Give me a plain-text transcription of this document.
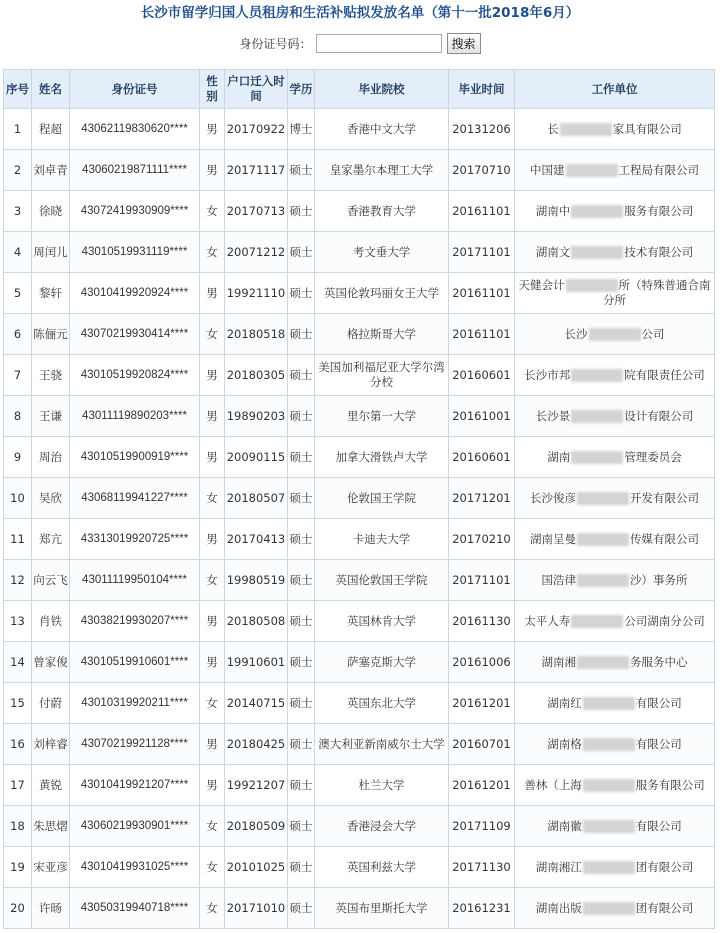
长沙市留学归国人员租房和生活补贴拟发放名单（第十一批2018年6月）
身份证号码：	搜索
序号	姓名	身份证号	性别	户口迁入时间	学历	毕业院校	毕业时间	工作单位
1	程超	43062119830620****	男	20170922	博士	香港中文大学	20131206	长 家具有限公司
2	刘卓青	43060219871111****	男	20171117	硕士	皇家墨尔本理工大学	20170710	中国建 工程局有限公司
3	徐晓	43072419930909****	女	20170713	硕士	香港教育大学	20161101	湖南中 服务有限公司
4	周闰儿	43010519931119****	女	20071212	硕士	考文垂大学	20171101	湖南文 技术有限公司
5	黎轩	43010419920924****	男	19921110	硕士	英国伦敦玛丽女王大学	20161101	天健会计 所（特殊普通合南分所
6	陈俪元	43070219930414****	女	20180518	硕士	格拉斯哥大学	20161101	长沙 公司
7	王骁	43010519920824****	男	20180305	硕士	美国加利福尼亚大学尔湾分校	20160601	长沙市邦 院有限责任公司
8	王谦	43011119890203****	男	19890203	硕士	里尔第一大学	20161001	长沙景 设计有限公司
9	周治	43010519900919****	男	20090115	硕士	加拿大滑铁卢大学	20160601	湖南 管理委员会
10	吴欣	43068119941227****	女	20180507	硕士	伦敦国王学院	20171201	长沙俊彦 开发有限公司
11	郑亢	43313019920725****	男	20170413	硕士	卡迪夫大学	20170210	湖南呈曼 传媒有限公司
12	向云飞	43011119950104****	女	19980519	硕士	英国伦敦国王学院	20171101	国浩律 沙）事务所
13	肖铁	43038219930207****	男	20180508	硕士	英国林肯大学	20161130	太平人寿 公司湖南分公司
14	曾家俊	43010519910601****	男	19910601	硕士	萨塞克斯大学	20161006	湖南湘 务服务中心
15	付蔚	43010319920211****	女	20140715	硕士	英国东北大学	20161201	湖南红 有限公司
16	刘梓睿	43070219921128****	男	20180425	硕士	澳大利亚新南威尔士大学	20160701	湖南格 有限公司
17	黄锐	43010419921207****	男	19921207	硕士	杜兰大学	20161201	善林（上海 服务有限公司
18	朱思熠	43060219930901****	女	20180509	硕士	香港浸会大学	20171109	湖南徽 有限公司
19	宋亚彦	43010419931025****	女	20101025	硕士	英国利兹大学	20171130	湖南湘江 团有限公司
20	许旸	43050319940718****	女	20171010	硕士	英国布里斯托大学	20161231	湖南出版 团有限公司
